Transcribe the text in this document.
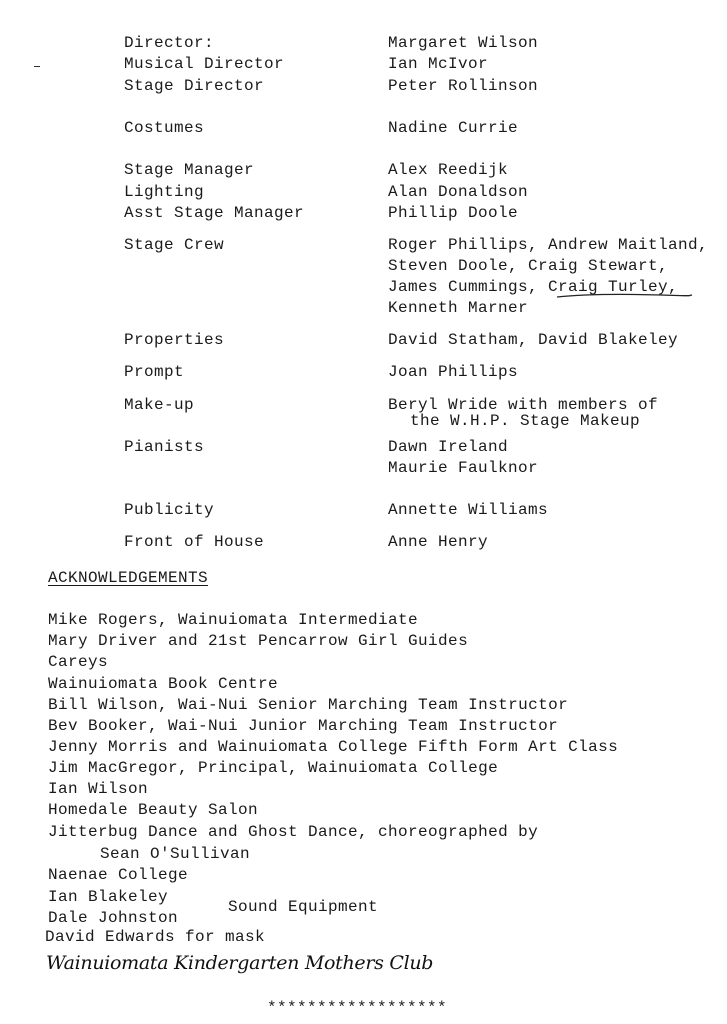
Director:
Musical Director
Stage Director
Costumes
Stage Manager
Lighting
Asst Stage Manager
Stage Crew
Properties
Prompt
Make-up
Pianists
Publicity
Front of House
Margaret Wilson
Ian McIvor
Peter Rollinson
Nadine Currie
Alex Reedijk
Alan Donaldson
Phillip Doole
Roger Phillips, Andrew Maitland,
Steven Doole, Craig Stewart,
James Cummings, Craig Turley,
Kenneth Marner
David Statham, David Blakeley
Joan Phillips
Beryl Wride with members of
the W.H.P. Stage Makeup
Dawn Ireland
Maurie Faulknor
Annette Williams
Anne Henry
ACKNOWLEDGEMENTS
Mike Rogers, Wainuiomata Intermediate
Mary Driver and 21st Pencarrow Girl Guides
Careys
Wainuiomata Book Centre
Bill Wilson, Wai-Nui Senior Marching Team Instructor
Bev Booker, Wai-Nui Junior Marching Team Instructor
Jenny Morris and Wainuiomata College Fifth Form Art Class
Jim MacGregor, Principal, Wainuiomata College
Ian Wilson
Homedale Beauty Salon
Jitterbug Dance and Ghost Dance, choreographed by
Sean O'Sullivan
Naenae College
Ian Blakeley
Dale Johnston
Sound Equipment
David Edwards for mask
Wainuiomata Kindergarten Mothers Club
******************
